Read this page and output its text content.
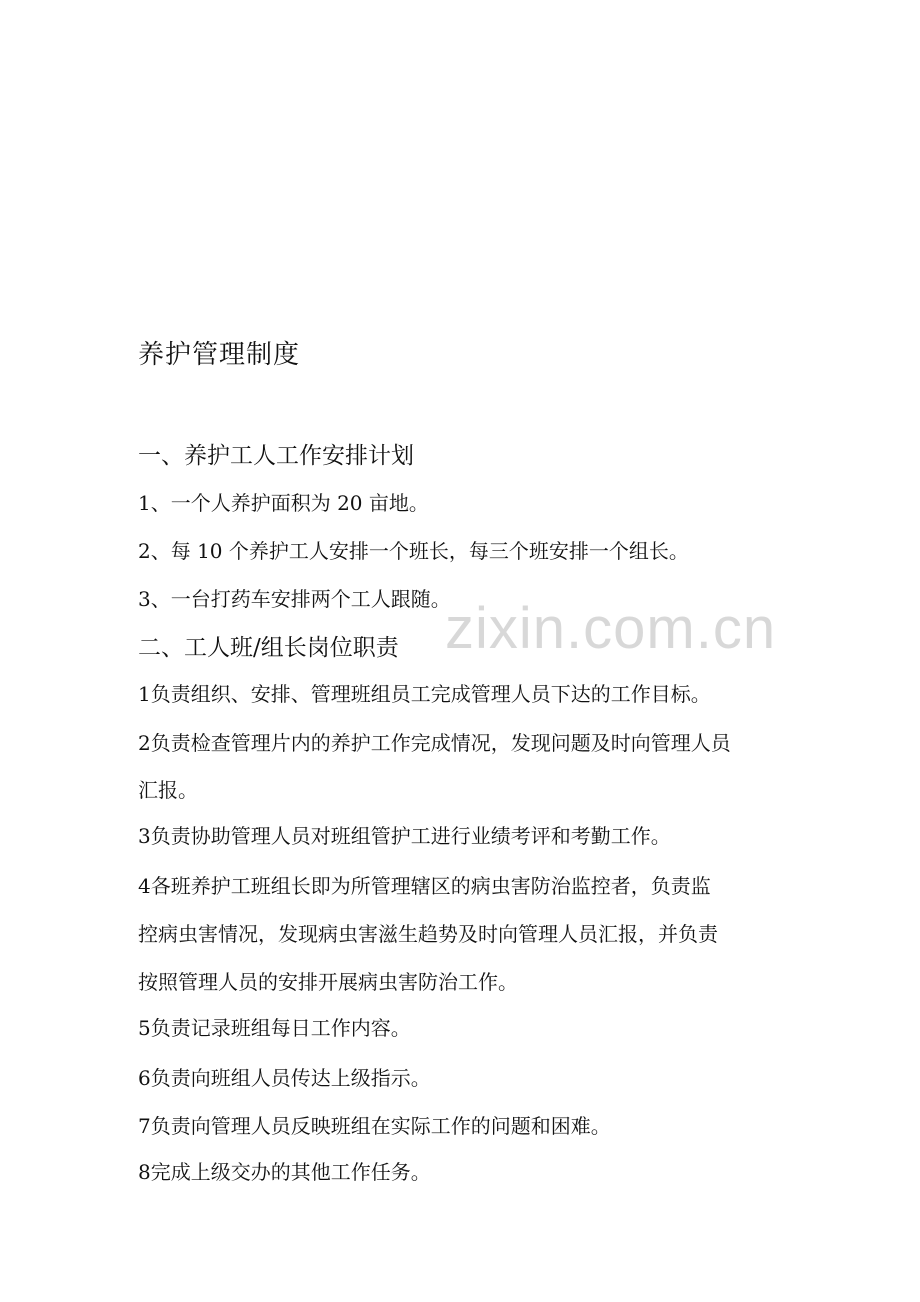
zixin.com.cn
养护管理制度
一、养护工人工作安排计划
1、一个人养护面积为 20 亩地。
2、每 10 个养护工人安排一个班长，每三个班安排一个组长。
3、一台打药车安排两个工人跟随。
二、工人班/组长岗位职责
1负责组织、安排、管理班组员工完成管理人员下达的工作目标。
2负责检查管理片内的养护工作完成情况，发现问题及时向管理人员
汇报。
3负责协助管理人员对班组管护工进行业绩考评和考勤工作。
4各班养护工班组长即为所管理辖区的病虫害防治监控者，负责监
控病虫害情况，发现病虫害滋生趋势及时向管理人员汇报，并负责
按照管理人员的安排开展病虫害防治工作。
5负责记录班组每日工作内容。
6负责向班组人员传达上级指示。
7负责向管理人员反映班组在实际工作的问题和困难。
8完成上级交办的其他工作任务。
